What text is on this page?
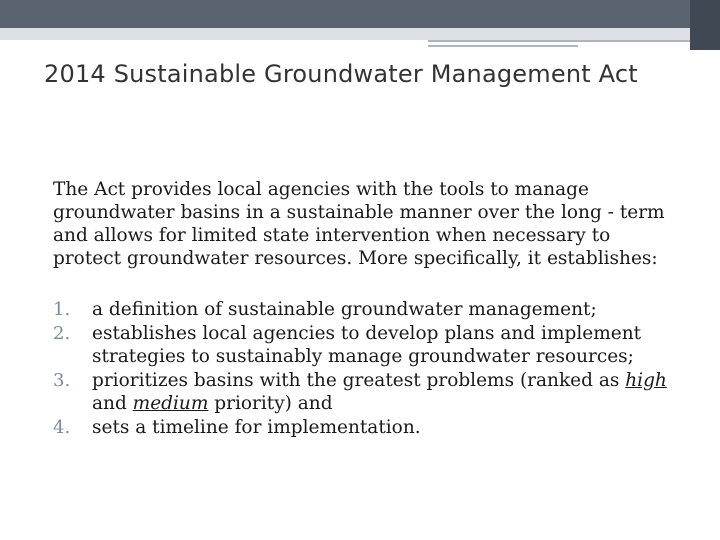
2014 Sustainable Groundwater Management Act

The Act provides local agencies with the tools to manage groundwater basins in a sustainable manner over the long - term and allows for limited state intervention when necessary to protect groundwater resources. More specifically, it establishes:

1. a definition of sustainable groundwater management;
2. establishes local agencies to develop plans and implement strategies to sustainably manage groundwater resources;
3. prioritizes basins with the greatest problems (ranked as high and medium priority) and
4. sets a timeline for implementation.
